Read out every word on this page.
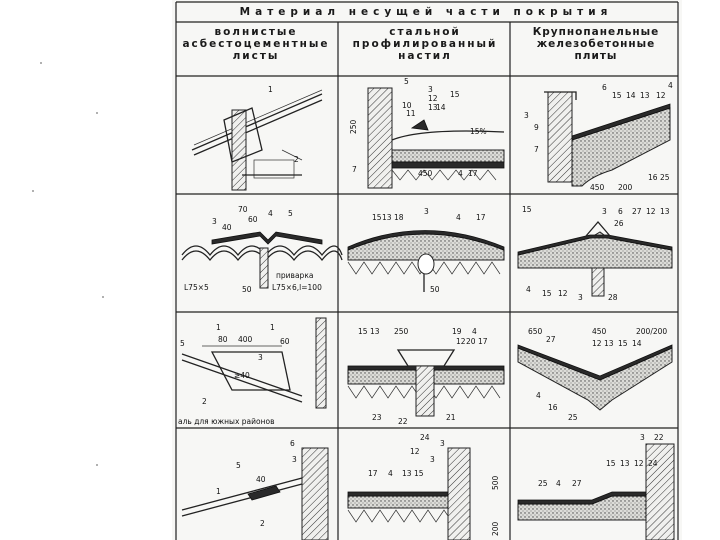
Материал несущей части покрытия
волнистые
асбестоцементные
листы
стальной
профилированный
настил
Крупнопанельные
железобетонные
плиты
1
2
5
3
12
10 13
14
11
15
15%
250
7	450	4 17
6
15 14 13 12
4
3
9
7
450 200
16 25
70
3
40
60
4 5
50
L75×5
приварка
L75×6,l=100
15 13 18
3
4 17
50
15	3 6 27 12 13
26
4 15 12 3	28
1	1
5	80 400	60
3
≥40
2
аль для южных районов
15 13 250	19 4
12 20 17
23 22	21
650	450	200/200
27	12 13 15 14
4
16
25
6
3
5
40
1
2
24
3
12
3
17 4 13 15
500
200
3 22
15 13 12 24
25 4 27
